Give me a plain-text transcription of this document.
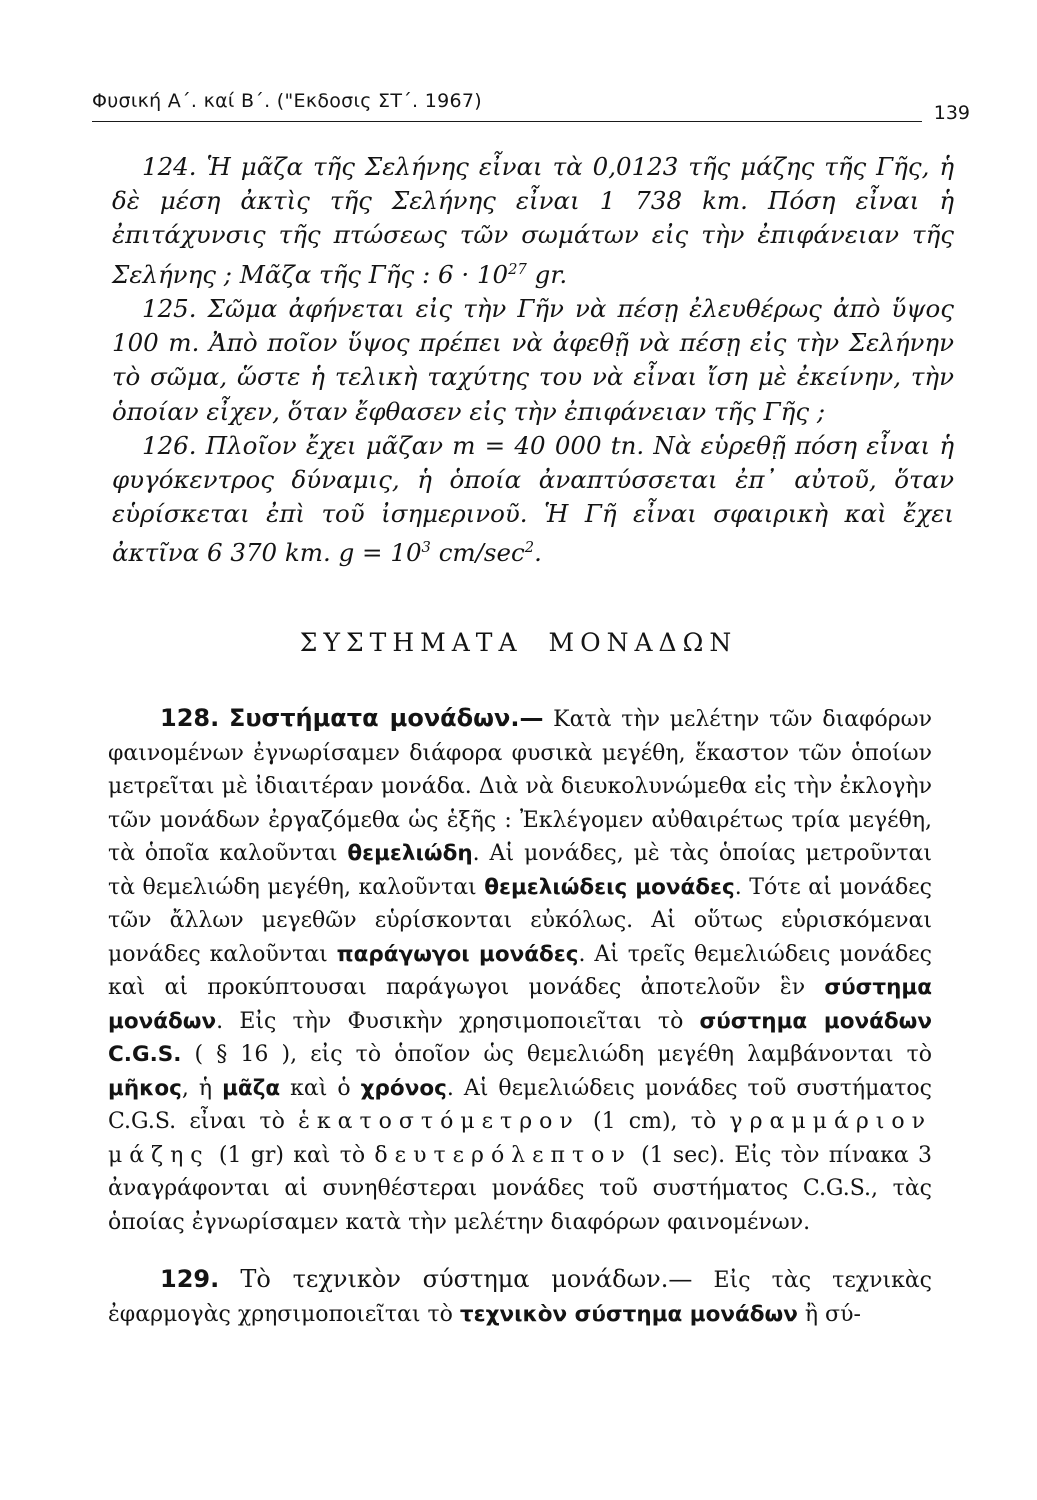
Φυσική Α΄. καί Β΄. ("Εκδοσις ΣΤ΄. 1967)
139

124. Ἡ μᾶζα τῆς Σελήνης εἶναι τὰ 0,0123 τῆς μάζης τῆς Γῆς, ἡ δὲ μέση ἀκτὶς τῆς Σελήνης εἶναι 1 738 km. Πόση εἶναι ἡ ἐπιτάχυνσις τῆς πτώσεως τῶν σωμάτων εἰς τὴν ἐπιφάνειαν τῆς Σελήνης ; Μᾶζα τῆς Γῆς : $6 \cdot 10^{27}$ gr.

125. Σῶμα ἀφήνεται εἰς τὴν Γῆν νὰ πέσῃ ἐλευθέρως ἀπὸ ὕψος 100 m. Ἀπὸ ποῖον ὕψος πρέπει νὰ ἀφεθῇ νὰ πέσῃ εἰς τὴν Σελήνην τὸ σῶμα, ὥστε ἡ τελικὴ ταχύτης του νὰ εἶναι ἴση μὲ ἐκείνην, τὴν ὁποίαν εἶχεν, ὅταν ἔφθασεν εἰς τὴν ἐπιφάνειαν τῆς Γῆς ;

126. Πλοῖον ἔχει μᾶζαν m = 40 000 tn. Νὰ εὑρεθῇ πόση εἶναι ἡ φυγόκεντρος δύναμις, ἡ ὁποία ἀναπτύσσεται ἐπ᾿ αὐτοῦ, ὅταν εὑρίσκεται ἐπὶ τοῦ ἰσημερινοῦ. Ἡ Γῆ εἶναι σφαιρικὴ καὶ ἔχει ἀκτῖνα 6 370 km. $g = 10^3$ $cm/\sec^2$.

ΣΥΣΤΗΜΑΤΑ ΜΟΝΑΔΩΝ

128. Συστήματα μονάδων.— Κατὰ τὴν μελέτην τῶν διαφόρων φαινομένων ἐγνωρίσαμεν διάφορα φυσικὰ μεγέθη, ἕκαστον τῶν ὁποίων μετρεῖται μὲ ἰδιαιτέραν μονάδα. Διὰ νὰ διευκολυνώμεθα εἰς τὴν ἐκλογὴν τῶν μονάδων ἐργαζόμεθα ὡς ἑξῆς : Ἐκλέγομεν αὐθαιρέτως τρία μεγέθη, τὰ ὁποῖα καλοῦνται θεμελιώδη. Αἱ μονάδες, μὲ τὰς ὁποίας μετροῦνται τὰ θεμελιώδη μεγέθη, καλοῦνται θεμελιώδεις μονάδες. Τότε αἱ μονάδες τῶν ἄλλων μεγεθῶν εὑρίσκονται εὐκόλως. Αἱ οὕτως εὑρισκόμεναι μονάδες καλοῦνται παράγωγοι μονάδες. Αἱ τρεῖς θεμελιώδεις μονάδες καὶ αἱ προκύπτουσαι παράγωγοι μονάδες ἀποτελοῦν ἓν σύστημα μονάδων. Εἰς τὴν Φυσικὴν χρησιμοποιεῖται τὸ σύστημα μονάδων C.G.S. ( § 16 ), εἰς τὸ ὁποῖον ὡς θεμελιώδη μεγέθη λαμβάνονται τὸ μῆκος, ἡ μᾶζα καὶ ὁ χρόνος. Αἱ θεμελιώδεις μονάδες τοῦ συστήματος C.G.S. εἶναι τὸ ἑκατοστόμετρον (1 cm), τὸ γραμμάριον μάζης (1 gr) καὶ τὸ δευτερόλεπτον (1 sec). Εἰς τὸν πίνακα 3 ἀναγράφονται αἱ συνηθέστεραι μονάδες τοῦ συστήματος C.G.S., τὰς ὁποίας ἐγνωρίσαμεν κατὰ τὴν μελέτην διαφόρων φαινομένων.

129. Τὸ τεχνικὸν σύστημα μονάδων.— Εἰς τὰς τεχνικὰς ἐφαρμογὰς χρησιμοποιεῖται τὸ τεχνικὸν σύστημα μονάδων ἢ σύ-
